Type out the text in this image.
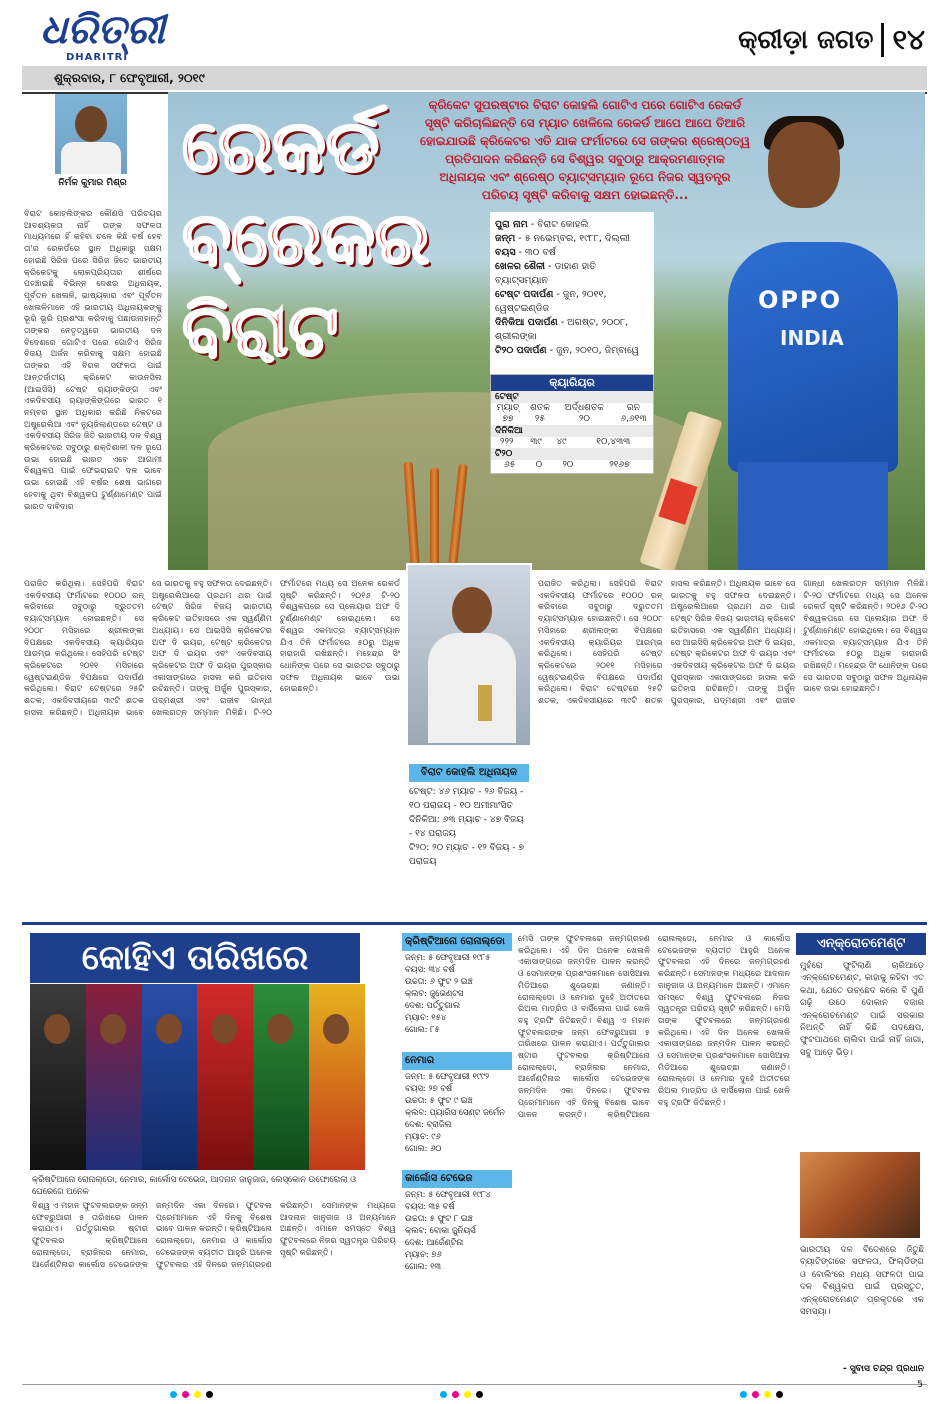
ଧରିତ୍ରୀ
DHARITRI
କ୍ରୀଡ଼ା ଜଗତ ୧୪
ଶୁକ୍ରବାର, ୮ ଫେବୃଆରୀ, ୨୦୧୯
ନିର୍ମଳ କୁମାର ମିଶ୍ର
ବିରାଟ କୋହଲିଙ୍କର କୌଣସି ପରିଚୟର ଆବଶ୍ୟକତା ନାହିଁ ତାଙ୍କ ସଫଳତା ମାଧ୍ୟମରେ ହିଁ କହିବା ଚଳେ କିଛି ବର୍ଷ ହେବ ତା'ର ରେକର୍ଡରେ ସ୍ଥାନ ଅଧିକାରୁ ସକ୍ଷମ ହୋଇଛି ସିରିଜ ପରେ ସିରିଜ ଜିତେ ଭାରତୀୟ କ୍ରିକେଟକୁ ଲୋକପ୍ରିୟତାର ଶୀର୍ଷରେ ପହଞ୍ଚାଇଛି ବିଭିନ୍ନ ଦେଶର ଅଧିନାୟକ, ପୂର୍ବତନ ଖେଳାଳି, ଭାଷ୍ୟକାର ଏବଂ ପୂର୍ବତନ ଖେଳାଳିମାନେ ଏହି ଭାରତୀୟ ଅଧିନାୟକଙ୍କୁ ଭୂରି ଭୂରି ପ୍ରଶଂସା କରିବାକୁ ପଛାଉନାହାନ୍ତି ତାଙ୍କର ନେତୃତ୍ୱରେ ଭାରତୀୟ ଦଳ ବିଦେଶରେ ଗୋଟିଏ ପରେ ଗୋଟିଏ ସିରିଜ ବିଜୟ ଅର୍ଜନ କରିବାକୁ ସକ୍ଷମ ହୋଇଛି ତାଙ୍କର ଏହି ବିରଳ ସଫଳତା ପାଇଁ ଆନ୍ତର୍ଜାତୀୟ କ୍ରିକେଟ କାଉନସିଲ (ଆଇସିସି) ଟେଷ୍ଟ ର‍୍ୟାଙ୍କିଙ୍ଗ ଏବଂ ଏକଦିବସୀୟ ର‍୍ୟାଙ୍କିଙ୍ଗରେ ଭାରତ ୧ ନମ୍ବର ସ୍ଥାନ ଅଧିକାର କରିଛି ନିକଟରେ ଅଷ୍ଟ୍ରେଲିଆ ଏବଂ ନ୍ୟୁଜିଲାଣ୍ଡରେ ଟେଷ୍ଟ ଓ ଏକଦିବସୀୟ ସିରିଜ ଜିତି ଭାରତୀୟ ଦଳ ବିଶ୍ୱ କ୍ରିକେଟରେ ସବୁଠାରୁ ଶକ୍ତିଶାଳୀ ଦଳ ରୂପେ ଉଭା ହୋଇଛି ଭାରତ ଏବେ ଆଗାମୀ ବିଶ୍ୱକପ ପାଇଁ ଫେଭରାଇଟ ଦଳ ଭାବେ ଉଭା ହୋଇଛି ଏହି ବର୍ଷର ଶେଷ ଭାଗରେ ହେବାକୁ ଥିବା ବିଶ୍ୱକପ ଟୁର୍ଣ୍ଣାମେଣ୍ଟ ପାଇଁ ଭାରତ ଦାବିଦାର
OPPO
INDIA
ରେକର୍ଡ
ବ୍ରେକର
ବିରାଟ
କ୍ରିକେଟ ସୁପରଷ୍ଟାର ବିରାଟ କୋହଲି ଗୋଟିଏ ପରେ ଗୋଟିଏ ରେକର୍ଡ ସୃଷ୍ଟି କରିଚାଲିଛନ୍ତି ସେ ମ୍ୟାଚ ଖେଳିଲେ ରେକର୍ଡ ଆପେ ଆପେ ତିଆରି ହୋଇଯାଉଛି କ୍ରିକେଟର ଏତି ଯାକ ଫର୍ମାଟରେ ସେ ତାଙ୍କର ଶ୍ରେଷ୍ଠତ୍ୱ ପ୍ରତିପାଦନ କରିଛନ୍ତି ସେ ବିଶ୍ୱର ସବୁଠାରୁ ଆକ୍ରମଣାତ୍ମକ ଅଧିନାୟକ ଏବଂ ଶ୍ରେଷ୍ଠ ବ୍ୟାଟ୍ସମ୍ୟାନ ରୂପେ ନିଜର ସ୍ୱତନ୍ତ୍ର ପରିଚୟ ସୃଷ୍ଟି କରିବାକୁ ସକ୍ଷମ ହୋଇଛନ୍ତି...
ପୁରା ନାମ - ବିରାଟ କୋହଲି
ଜନ୍ମ - ୫ ନଭେମ୍ବର, ୧୯୮୮, ଦିଲ୍ଲୀ
ବୟସ - ୩୦ ବର୍ଷ
ଖେଳର ଶୈଳୀ - ଡାହାଣ ହାତି ବ୍ୟାଟ୍ସମ୍ୟାନ
ଟେଷ୍ଟ ପଦାର୍ପଣ - ଜୁନ, ୨୦୧୧, ୱେଷ୍ଟଇଣ୍ଡିଜ
ଦିନିକିଆ ପଦାର୍ପଣ - ଅଗଷ୍ଟ, ୨୦୦୮, ଶ୍ରୀଲଙ୍କା
ଟି୨୦ ପଦାର୍ପଣ - ଜୁନ, ୨୦୧୦, ଜିମ୍ବାୱେ
କ୍ୟାରିୟର
ଟେଷ୍ଟ
ମ୍ୟାଚ୍	ଶତକ	ଅର୍ଦ୍ଧଶତକ	ରନ
୭୭	୨୫	୨୦	୬,୬୧୩
ଦିନିକିଆ
୨୨୨	୩୯	୪୯	୧୦,୪୩୩
ଟି୨୦
୬୫	୦	୨୦	୨୧୬୭
ପରାଜିତ କରିଥିଲା। ସେହିପରି ବିରାଟ ଏକଦିବସୀୟ ଫର୍ମାଟରେ ୧୦୦୦ ରନ୍ କରିବାରେ ସବୁଠାରୁ ଦ୍ରୁତତମ ବ୍ୟାଟ୍ସମ୍ୟାନ ହୋଇଛନ୍ତି। ସେ ୨୦୦୮ ମସିହାରେ ଶ୍ରୀଲଙ୍କା ବିପକ୍ଷରେ ଏକଦିବସୀୟ କ୍ୟାରିୟର ଆରମ୍ଭ କରିଥିଲେ। ସେହିପରି ଟେଷ୍ଟ କ୍ରିକେଟରେ ୨୦୧୧ ମସିହାରେ ୱେଷ୍ଟଇଣ୍ଡିଜ ବିପକ୍ଷରେ ପଦାର୍ପଣ କରିଥିଲେ। ବିରାଟ ଟେଷ୍ଟରେ ୨୫ଟି ଶତକ, ଏକଦିବସୀୟରେ ୩୯ଟି ଶତକ ହାସଲ କରିଛନ୍ତି। ଅଧିନାୟକ ଭାବେ ସେ ଭାରତକୁ ବହୁ ସଫଳତା ଦେଇଛନ୍ତି। ଅଷ୍ଟ୍ରେଲିଆରେ ପ୍ରଥମ ଥର ପାଇଁ ଟେଷ୍ଟ ସିରିଜ ବିଜୟ ଭାରତୀୟ କ୍ରିକେଟ ଇତିହାସରେ ଏକ ସ୍ୱର୍ଣ୍ଣିମ ଅଧ୍ୟାୟ। ସେ ଆଇସିସି କ୍ରିକେଟର ଅଫ ଦି ଇୟର, ଟେଷ୍ଟ କ୍ରିକେଟର ଅଫ ଦି ଇୟର ଏବଂ ଏକଦିବସୀୟ କ୍ରିକେଟର ଅଫ ଦି ଇୟର ପୁରସ୍କାର ଏକାସାଙ୍ଗରେ ହାସଲ କରି ଇତିହାସ ରଚିଛନ୍ତି। ତାଙ୍କୁ ଅର୍ଜୁନ ପୁରସ୍କାର, ପଦ୍ମଶ୍ରୀ ଏବଂ ରାଜୀବ ଗାନ୍ଧୀ ଖେଲରତ୍ନ ସମ୍ମାନ ମିଳିଛି। ଟି-୨୦ ଫର୍ମାଟରେ ମଧ୍ୟ ସେ ଅନେକ ରେକର୍ଡ ସୃଷ୍ଟି କରିଛନ୍ତି। ୨୦୧୬ ଟି-୨୦ ବିଶ୍ୱକପରେ ସେ ପ୍ଲେୟାର ଅଫ ଦି ଟୁର୍ଣ୍ଣାମେଣ୍ଟ ହୋଇଥିଲେ। ସେ ବିଶ୍ୱର ଏକମାତ୍ର ବ୍ୟାଟ୍ସମ୍ୟାନ ଯିଏ ତିନି ଫର୍ମାଟରେ ୫୦ରୁ ଅଧିକ ହାରାହାରି ରଖିଛନ୍ତି। ମହେନ୍ଦ୍ର ସିଂ ଧୋନିଙ୍କ ପରେ ସେ ଭାରତର ସବୁଠାରୁ ସଫଳ ଅଧିନାୟକ ଭାବେ ଉଭା ହୋଇଛନ୍ତି।
ପରାଜିତ କରିଥିଲା। ସେହିପରି ବିରାଟ ଏକଦିବସୀୟ ଫର୍ମାଟରେ ୧୦୦୦ ରନ୍ କରିବାରେ ସବୁଠାରୁ ଦ୍ରୁତତମ ବ୍ୟାଟ୍ସମ୍ୟାନ ହୋଇଛନ୍ତି। ସେ ୨୦୦୮ ମସିହାରେ ଶ୍ରୀଲଙ୍କା ବିପକ୍ଷରେ ଏକଦିବସୀୟ କ୍ୟାରିୟର ଆରମ୍ଭ କରିଥିଲେ। ସେହିପରି ଟେଷ୍ଟ କ୍ରିକେଟରେ ୨୦୧୧ ମସିହାରେ ୱେଷ୍ଟଇଣ୍ଡିଜ ବିପକ୍ଷରେ ପଦାର୍ପଣ କରିଥିଲେ। ବିରାଟ ଟେଷ୍ଟରେ ୨୫ଟି ଶତକ, ଏକଦିବସୀୟରେ ୩୯ଟି ଶତକ ହାସଲ କରିଛନ୍ତି। ଅଧିନାୟକ ଭାବେ ସେ ଭାରତକୁ ବହୁ ସଫଳତା ଦେଇଛନ୍ତି। ଅଷ୍ଟ୍ରେଲିଆରେ ପ୍ରଥମ ଥର ପାଇଁ ଟେଷ୍ଟ ସିରିଜ ବିଜୟ ଭାରତୀୟ କ୍ରିକେଟ ଇତିହାସରେ ଏକ ସ୍ୱର୍ଣ୍ଣିମ ଅଧ୍ୟାୟ। ସେ ଆଇସିସି କ୍ରିକେଟର ଅଫ ଦି ଇୟର, ଟେଷ୍ଟ କ୍ରିକେଟର ଅଫ ଦି ଇୟର ଏବଂ ଏକଦିବସୀୟ କ୍ରିକେଟର ଅଫ ଦି ଇୟର ପୁରସ୍କାର ଏକାସାଙ୍ଗରେ ହାସଲ କରି ଇତିହାସ ରଚିଛନ୍ତି। ତାଙ୍କୁ ଅର୍ଜୁନ ପୁରସ୍କାର, ପଦ୍ମଶ୍ରୀ ଏବଂ ରାଜୀବ ଗାନ୍ଧୀ ଖେଲରତ୍ନ ସମ୍ମାନ ମିଳିଛି। ଟି-୨୦ ଫର୍ମାଟରେ ମଧ୍ୟ ସେ ଅନେକ ରେକର୍ଡ ସୃଷ୍ଟି କରିଛନ୍ତି। ୨୦୧୬ ଟି-୨୦ ବିଶ୍ୱକପରେ ସେ ପ୍ଲେୟାର ଅଫ ଦି ଟୁର୍ଣ୍ଣାମେଣ୍ଟ ହୋଇଥିଲେ। ସେ ବିଶ୍ୱର ଏକମାତ୍ର ବ୍ୟାଟ୍ସମ୍ୟାନ ଯିଏ ତିନି ଫର୍ମାଟରେ ୫୦ରୁ ଅଧିକ ହାରାହାରି ରଖିଛନ୍ତି। ମହେନ୍ଦ୍ର ସିଂ ଧୋନିଙ୍କ ପରେ ସେ ଭାରତର ସବୁଠାରୁ ସଫଳ ଅଧିନାୟକ ଭାବେ ଉଭା ହୋଇଛନ୍ତି।
ବିରାଟ କୋହଲି ଅଧିନାୟକ
ଟେଷ୍ଟ: ୪୬ ମ୍ୟାଚ - ୨୬ ବିଜୟ - ୧୦ ପରାଜୟ - ୧୦ ଅମୀମାଂସିତ
ଦିନିକିଆ: ୬୩ ମ୍ୟାଚ - ୪୭ ବିଜୟ - ୧୪ ପରାଜୟ
ଟି୨୦: ୨୦ ମ୍ୟାଚ - ୧୨ ବିଜୟ - ୭ ପରାଜୟ
କୋହିଏ ତାରିଖରେ
କ୍ରିଷ୍ଟିଆନୋ ରୋନାଲ୍ଡୋ, ନେମାର, କାର୍ଲୋସ ଟେଭେଜ, ଆଦନାନ ଜାନୁଜାଜ, ଲେସ୍କୋନ ଉଫୋରୋଲା ଓ ଘେରେଗେ ଅନେକ
ବିଶ୍ୱ ଏ ମହାନ ଫୁଟବଲରଙ୍କ ଜନ୍ମ ଫେବ୍ରୁଆରୀ ୫ ତାରିଖରେ ପାଳନ କରାଯାଏ। ପର୍ତ୍ତୁଗାଲର ଷ୍ଟାର ଫୁଟବଲର କ୍ରିଷ୍ଟିଆନୋ ରୋନାଲ୍ଡୋ, ବ୍ରାଜିଲର ନେମାର, ଆର୍ଜେଣ୍ଟିନାର କାର୍ଲୋସ ଟେଭେଜଙ୍କ ଜନ୍ମଦିନ ଏକା ଦିନରେ। ଫୁଟବଲ ପ୍ରେମୀମାନେ ଏହି ଦିନକୁ ବିଶେଷ ଭାବେ ପାଳନ କରନ୍ତି। କ୍ରିଷ୍ଟିଆନୋ ରୋନାଲ୍ଡୋ, ନେମାର ଓ କାର୍ଲୋସ ଟେଭେଜଙ୍କ ବ୍ୟତୀତ ଆହୁରି ଅନେକ ଫୁଟବଲର ଏହି ଦିନରେ ଜନ୍ମଗ୍ରହଣ କରିଛନ୍ତି। ସେମାନଙ୍କ ମଧ୍ୟରେ ଆଦନାନ ଜାନୁଜାଜ ଓ ଅନ୍ୟମାନେ ଅଛନ୍ତି। ଏମାନେ ସମସ୍ତେ ବିଶ୍ୱ ଫୁଟବଲରେ ନିଜର ସ୍ୱତନ୍ତ୍ର ପରିଚୟ ସୃଷ୍ଟି କରିଛନ୍ତି।
କ୍ରିଷ୍ଟିଆନୋ ରୋନାଲ୍ଡୋ
ଜନ୍ମ: ୫ ଫେବୃଆରୀ ୧୯୮୫
ବୟସ: ୩୪ ବର୍ଷ
ଉଚ୍ଚତା: ୬ ଫୁଟ ୨ ଇଞ୍ଚ
କ୍ଲବ: ଜୁଭେଣ୍ଟସ
ଦେଶ: ପର୍ତ୍ତୁଗାଲ
ମ୍ୟାଚ: ୧୫୪
ଗୋଲ: ୮୫
ନେମାର
ଜନ୍ମ: ୫ ଫେବୃଆରୀ ୧୯୯୨
ବୟସ: ୨୭ ବର୍ଷ
ଉଚ୍ଚତା: ୫ ଫୁଟ ୯ ଇଞ୍ଚ
କ୍ଲବ: ପ୍ୟାରିସ ସେଣ୍ଟ ଜର୍ମେନ
ଦେଶ: ବ୍ରାଜିଲ
ମ୍ୟାଚ: ୯୬
ଗୋଲ: ୬୦
କାର୍ଲୋସ ଟେଭେଜ
ଜନ୍ମ: ୫ ଫେବୃଆରୀ ୧୯୮୪
ବୟସ: ୩୫ ବର୍ଷ
ଉଚ୍ଚତା: ୫ ଫୁଟ ୮ ଇଞ୍ଚ
କ୍ଲବ: ବୋକା ଜୁନିୟର୍ସ
ଦେଶ: ଆର୍ଜେଣ୍ଟିନା
ମ୍ୟାଚ: ୭୬
ଗୋଲ: ୧୩
ମେସି ତାଙ୍କ ଫୁଟବଲରେ ଜନ୍ମଗ୍ରହଣ କରିଥିଲେ। ଏହି ଦିନ ଅନେକ ଖେଳାଳି ଏକାସାଙ୍ଗରେ ଜନ୍ମଦିନ ପାଳନ କରନ୍ତି ଓ ସେମାନଙ୍କ ପ୍ରଶଂସକମାନେ ସୋସିଆଲ ମିଡିଆରେ ଶୁଭେଚ୍ଛା ଜଣାନ୍ତି। ରୋନାଲ୍ଡୋ ଓ ନେମାର ଦୁହେଁ ଅତୀତରେ ରିଅଲ ମାଡ୍ରିଡ ଓ ବାର୍ସିଲୋନା ପାଇଁ ଖେଳି ବହୁ ଟ୍ରଫି ଜିତିଛନ୍ତି। ବିଶ୍ୱ ଏ ମହାନ ଫୁଟବଲରଙ୍କ ଜନ୍ମ ଫେବ୍ରୁଆରୀ ୫ ତାରିଖରେ ପାଳନ କରାଯାଏ। ପର୍ତ୍ତୁଗାଲର ଷ୍ଟାର ଫୁଟବଲର କ୍ରିଷ୍ଟିଆନୋ ରୋନାଲ୍ଡୋ, ବ୍ରାଜିଲର ନେମାର, ଆର୍ଜେଣ୍ଟିନାର କାର୍ଲୋସ ଟେଭେଜଙ୍କ ଜନ୍ମଦିନ ଏକା ଦିନରେ। ଫୁଟବଲ ପ୍ରେମୀମାନେ ଏହି ଦିନକୁ ବିଶେଷ ଭାବେ ପାଳନ କରନ୍ତି। କ୍ରିଷ୍ଟିଆନୋ ରୋନାଲ୍ଡୋ, ନେମାର ଓ କାର୍ଲୋସ ଟେଭେଜଙ୍କ ବ୍ୟତୀତ ଆହୁରି ଅନେକ ଫୁଟବଲର ଏହି ଦିନରେ ଜନ୍ମଗ୍ରହଣ କରିଛନ୍ତି। ସେମାନଙ୍କ ମଧ୍ୟରେ ଆଦନାନ ଜାନୁଜାଜ ଓ ଅନ୍ୟମାନେ ଅଛନ୍ତି। ଏମାନେ ସମସ୍ତେ ବିଶ୍ୱ ଫୁଟବଲରେ ନିଜର ସ୍ୱତନ୍ତ୍ର ପରିଚୟ ସୃଷ୍ଟି କରିଛନ୍ତି। ମେସି ତାଙ୍କ ଫୁଟବଲରେ ଜନ୍ମଗ୍ରହଣ କରିଥିଲେ। ଏହି ଦିନ ଅନେକ ଖେଳାଳି ଏକାସାଙ୍ଗରେ ଜନ୍ମଦିନ ପାଳନ କରନ୍ତି ଓ ସେମାନଙ୍କ ପ୍ରଶଂସକମାନେ ସୋସିଆଲ ମିଡିଆରେ ଶୁଭେଚ୍ଛା ଜଣାନ୍ତି। ରୋନାଲ୍ଡୋ ଓ ନେମାର ଦୁହେଁ ଅତୀତରେ ରିଅଲ ମାଡ୍ରିଡ ଓ ବାର୍ସିଲୋନା ପାଇଁ ଖେଳି ବହୁ ଟ୍ରଫି ଜିତିଛନ୍ତି।
ଏନ୍‌କ୍ରୋଚମେଣ୍ଟ
ମୁହଁରୋ ଫୁଟିଲାଣି ଚାରିଆଡ଼େ ଏନ୍‌କ୍ରୋଚମେଣ୍ଟ, କାହାକୁ କହିବା ଏତ କଥା, ଯେତେ ଉଚ୍ଛେଦ କଲେ ବି ପୁଣି ଗଢ଼ି ଉଠେ ଦୋକାନ ବଜାର ଏନ୍‌କ୍ରୋଚମେଣ୍ଟ ପାଇଁ ସରକାର ନିଅନ୍ତି ନାହିଁ କିଛି ପଦକ୍ଷେପ, ଫୁଟପାଥରେ ଚାଲିବା ପାଇଁ ନାହିଁ ଜାଗା, ସବୁ ଆଡ଼େ ଭିଡ଼।
ଭାରତୀୟ ଦଳ ବିଦେଶରେ ଜିତୁଛି ବ୍ୟାଟିଙ୍ଗରେ ସଫଳତା, ଫିଲ୍ଡିଙ୍ଗ ଓ ବୋଲିଂରେ ମଧ୍ୟ ସଫଳତା ପାଇ ଦଳ ବିଶ୍ୱକପ ପାଇଁ ପ୍ରସ୍ତୁତ, ଏନ୍‌କ୍ରୋଚମେଣ୍ଟ ପ୍ରକୃତରେ ଏକ ସମସ୍ୟା।
- ସୁବାସ ଚନ୍ଦ୍ର ପ୍ରଧାନ
5
